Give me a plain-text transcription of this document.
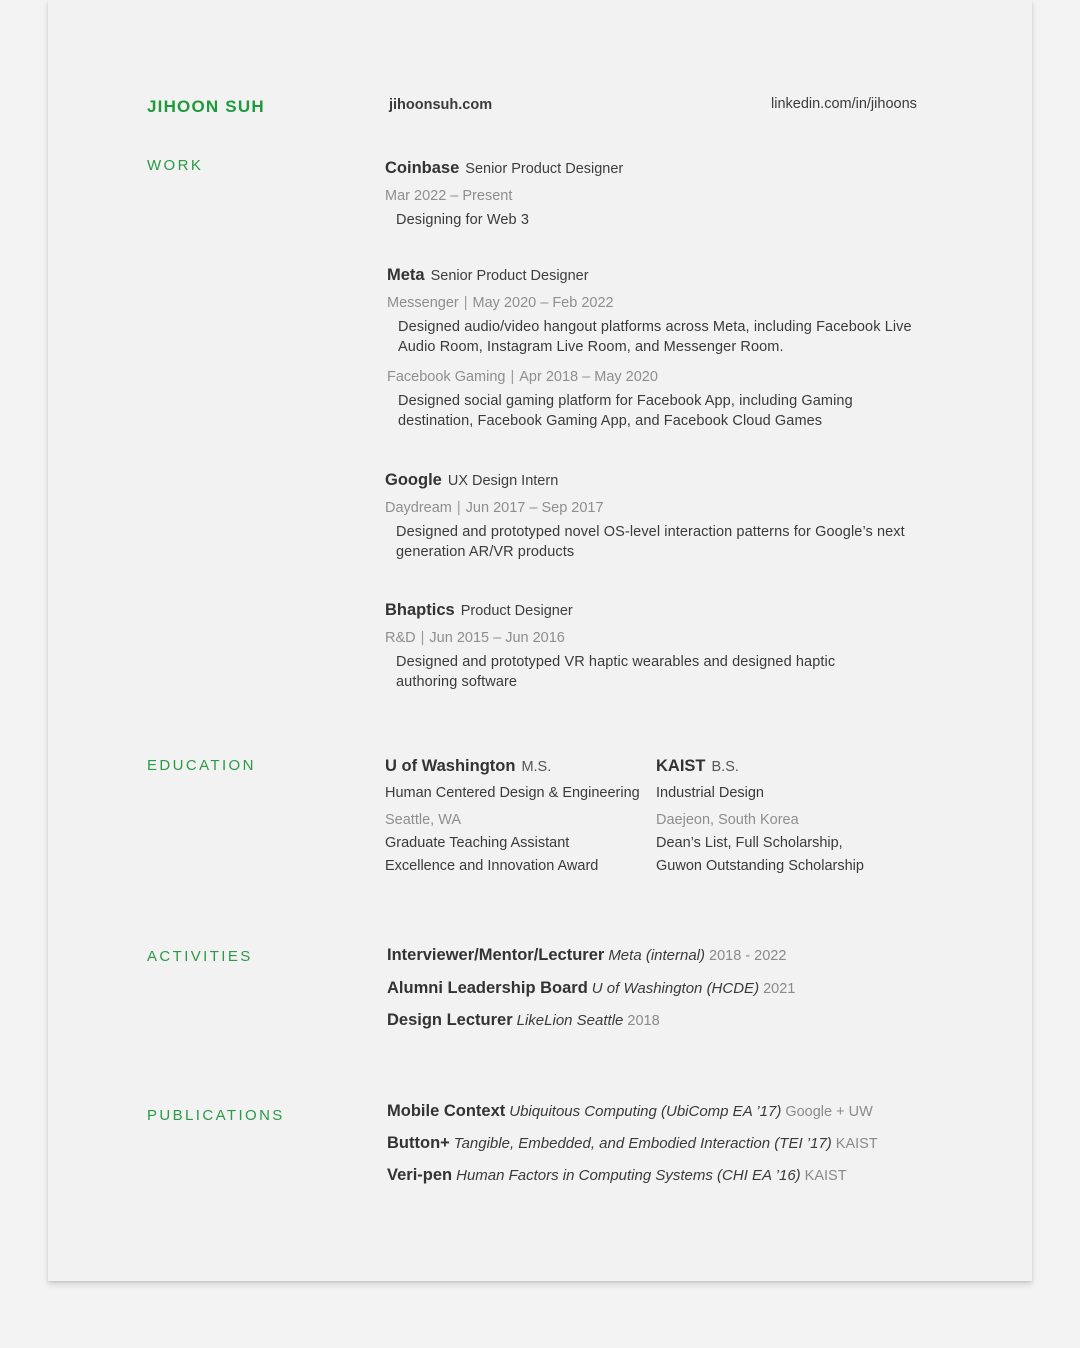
JIHOON SUH	jihoonsuh.com	linkedin.com/in/jihoons
WORK	Coinbase Senior Product Designer
Mar 2022 – Present
Designing for Web 3
Meta Senior Product Designer
Messenger | May 2020 – Feb 2022
Designed audio/video hangout platforms across Meta, including Facebook Live Audio Room, Instagram Live Room, and Messenger Room.
Facebook Gaming | Apr 2018 – May 2020
Designed social gaming platform for Facebook App, including Gaming destination, Facebook Gaming App, and Facebook Cloud Games
Google UX Design Intern
Daydream | Jun 2017 – Sep 2017
Designed and prototyped novel OS-level interaction patterns for Google’s next generation AR/VR products
Bhaptics Product Designer
R&D | Jun 2015 – Jun 2016
Designed and prototyped VR haptic wearables and designed haptic authoring software
EDUCATION	U of Washington M.S.
Human Centered Design & Engineering
Seattle, WA
Graduate Teaching Assistant
Excellence and Innovation Award
KAIST B.S.
Industrial Design
Daejeon, South Korea
Dean’s List, Full Scholarship,
Guwon Outstanding Scholarship
ACTIVITIES	Interviewer/Mentor/Lecturer Meta (internal) 2018 - 2022
Alumni Leadership Board U of Washington (HCDE) 2021
Design Lecturer LikeLion Seattle 2018
PUBLICATIONS	Mobile Context Ubiquitous Computing (UbiComp EA ’17) Google + UW
Button+ Tangible, Embedded, and Embodied Interaction (TEI ’17) KAIST
Veri-pen Human Factors in Computing Systems (CHI EA ’16) KAIST
